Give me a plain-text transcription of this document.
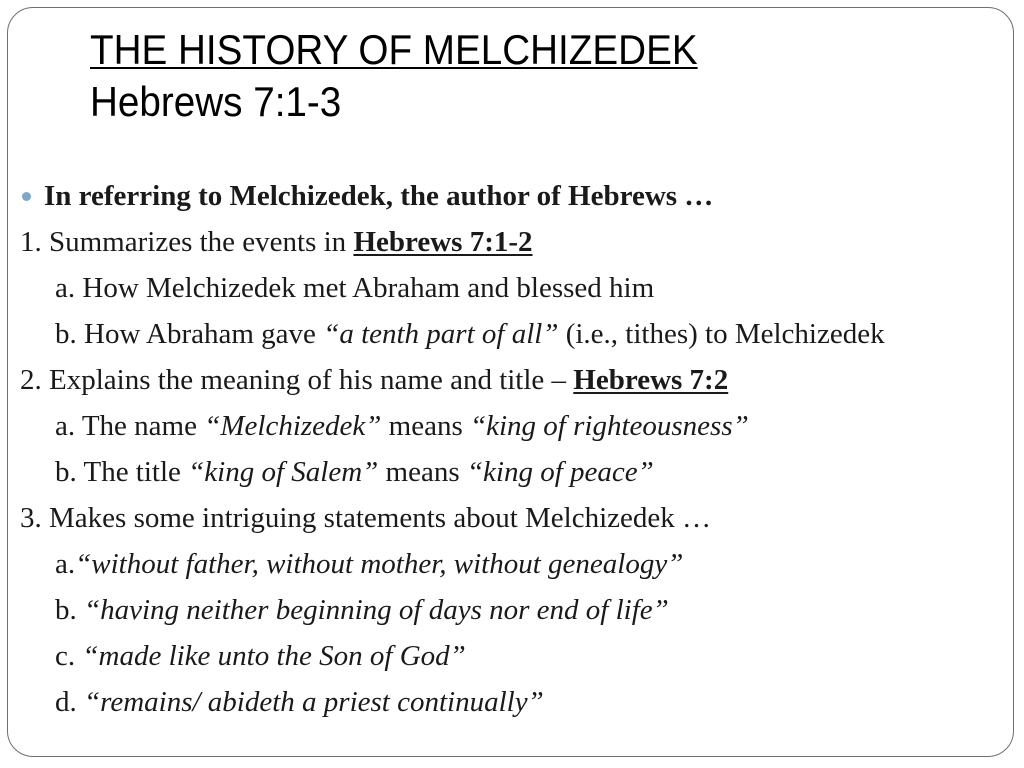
THE HISTORY OF MELCHIZEDEK
Hebrews 7:1-3
In referring to Melchizedek, the author of Hebrews …
1. Summarizes the events in Hebrews 7:1-2
a. How Melchizedek met Abraham and blessed him
b. How Abraham gave “a tenth part of all” (i.e., tithes) to Melchizedek
2. Explains the meaning of his name and title – Hebrews 7:2
a. The name “Melchizedek” means “king of righteousness”
b. The title “king of Salem” means “king of peace”
3. Makes some intriguing statements about Melchizedek …
a.“without father, without mother, without genealogy”
b. “having neither beginning of days nor end of life”
c. “made like unto the Son of God”
d. “remains/ abideth a priest continually”
